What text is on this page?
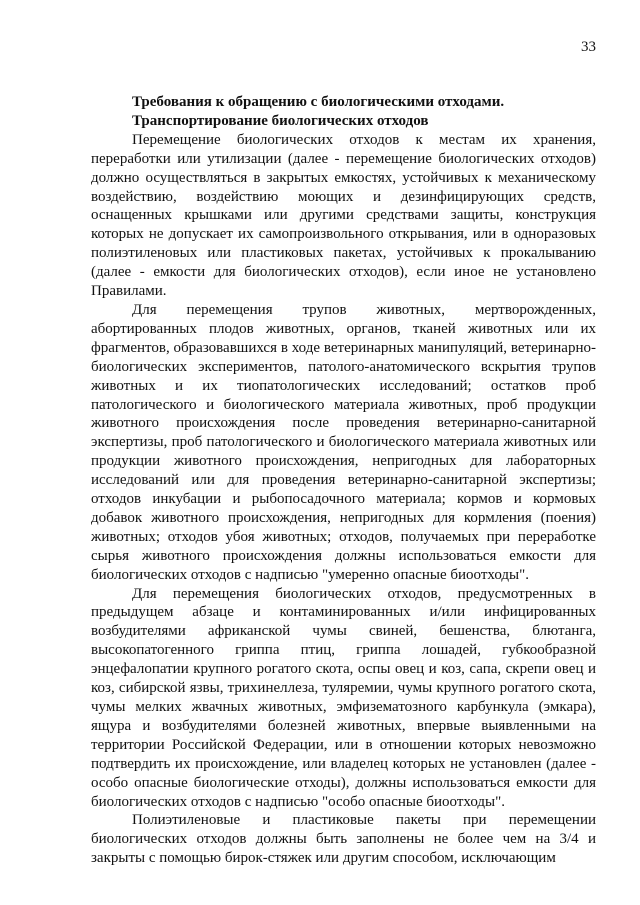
33
Требования к обращению с биологическими отходами.
Транспортирование биологических отходов

Перемещение биологических отходов к местам их хранения, переработки или утилизации (далее - перемещение биологических отходов) должно осуществляться в закрытых емкостях, устойчивых к механическому воздействию, воздействию моющих и дезинфицирующих средств, оснащенных крышками или другими средствами защиты, конструкция которых не допускает их самопроизвольного открывания, или в одноразовых полиэтиленовых или пластиковых пакетах, устойчивых к прокалыванию (далее - емкости для биологических отходов), если иное не установлено Правилами.

Для перемещения трупов животных, мертворожденных, абортированных плодов животных, органов, тканей животных или их фрагментов, образовавшихся в ходе ветеринарных манипуляций, ветеринарно-биологических экспериментов, патолого-анатомического вскрытия трупов животных и их тиопатологических исследований; остатков проб патологического и биологического материала животных, проб продукции животного происхождения после проведения ветеринарно-санитарной экспертизы, проб патологического и биологического материала животных или продукции животного происхождения, непригодных для лабораторных исследований или для проведения ветеринарно-санитарной экспертизы; отходов инкубации и рыбопосадочного материала; кормов и кормовых добавок животного происхождения, непригодных для кормления (поения) животных; отходов убоя животных; отходов, получаемых при переработке сырья животного происхождения должны использоваться емкости для биологических отходов с надписью "умеренно опасные биоотходы".

Для перемещения биологических отходов, предусмотренных в предыдущем абзаце и контаминированных и/или инфицированных возбудителями африканской чумы свиней, бешенства, блютанга, высокопатогенного гриппа птиц, гриппа лошадей, губкообразной энцефалопатии крупного рогатого скота, оспы овец и коз, сапа, скрепи овец и коз, сибирской язвы, трихинеллеза, туляремии, чумы крупного рогатого скота, чумы мелких жвачных животных, эмфизематозного карбункула (эмкара), ящура и возбудителями болезней животных, впервые выявленными на территории Российской Федерации, или в отношении которых невозможно подтвердить их происхождение, или владелец которых не установлен (далее - особо опасные биологические отходы), должны использоваться емкости для биологических отходов с надписью "особо опасные биоотходы".

Полиэтиленовые и пластиковые пакеты при перемещении биологических отходов должны быть заполнены не более чем на 3/4 и закрыты с помощью бирок-стяжек или другим способом, исключающим
